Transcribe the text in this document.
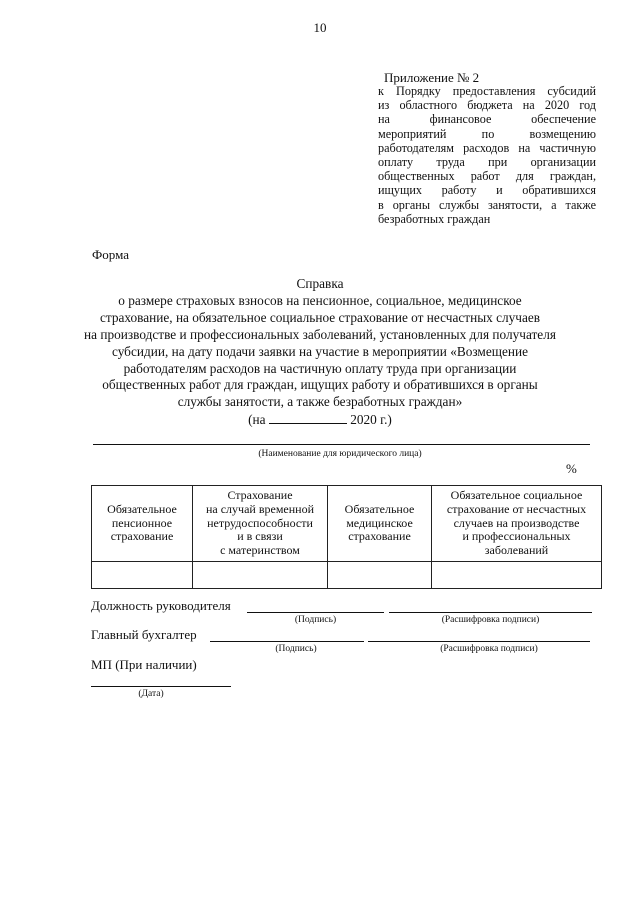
10
Приложение № 2
к Порядку предоставления субсидий
из областного бюджета на 2020 год
на финансовое обеспечение
мероприятий по возмещению
работодателям расходов на частичную
оплату труда при организации
общественных работ для граждан,
ищущих работу и обратившихся
в органы службы занятости, а также
безработных граждан
Форма
Справка
о размере страховых взносов на пенсионное, социальное, медицинское
страхование, на обязательное социальное страхование от несчастных случаев
на производстве и профессиональных заболеваний, установленных для получателя
субсидии, на дату подачи заявки на участие в мероприятии «Возмещение
работодателям расходов на частичную оплату труда при организации
общественных работ для граждан, ищущих работу и обратившихся в органы
службы занятости, а также безработных граждан»
(на	2020 г.)
(Наименование для юридического лица)
%
Обязательное
пенсионное
страхование	Страхование
на случай временной
нетрудоспособности
и в связи
с материнством	Обязательное
медицинское
страхование	Обязательное социальное
страхование от несчастных
случаев на производстве
и профессиональных
заболеваний

Должность руководителя
(Подпись)	(Расшифровка подписи)
Главный бухгалтер
(Подпись)	(Расшифровка подписи)
МП (При наличии)
(Дата)
